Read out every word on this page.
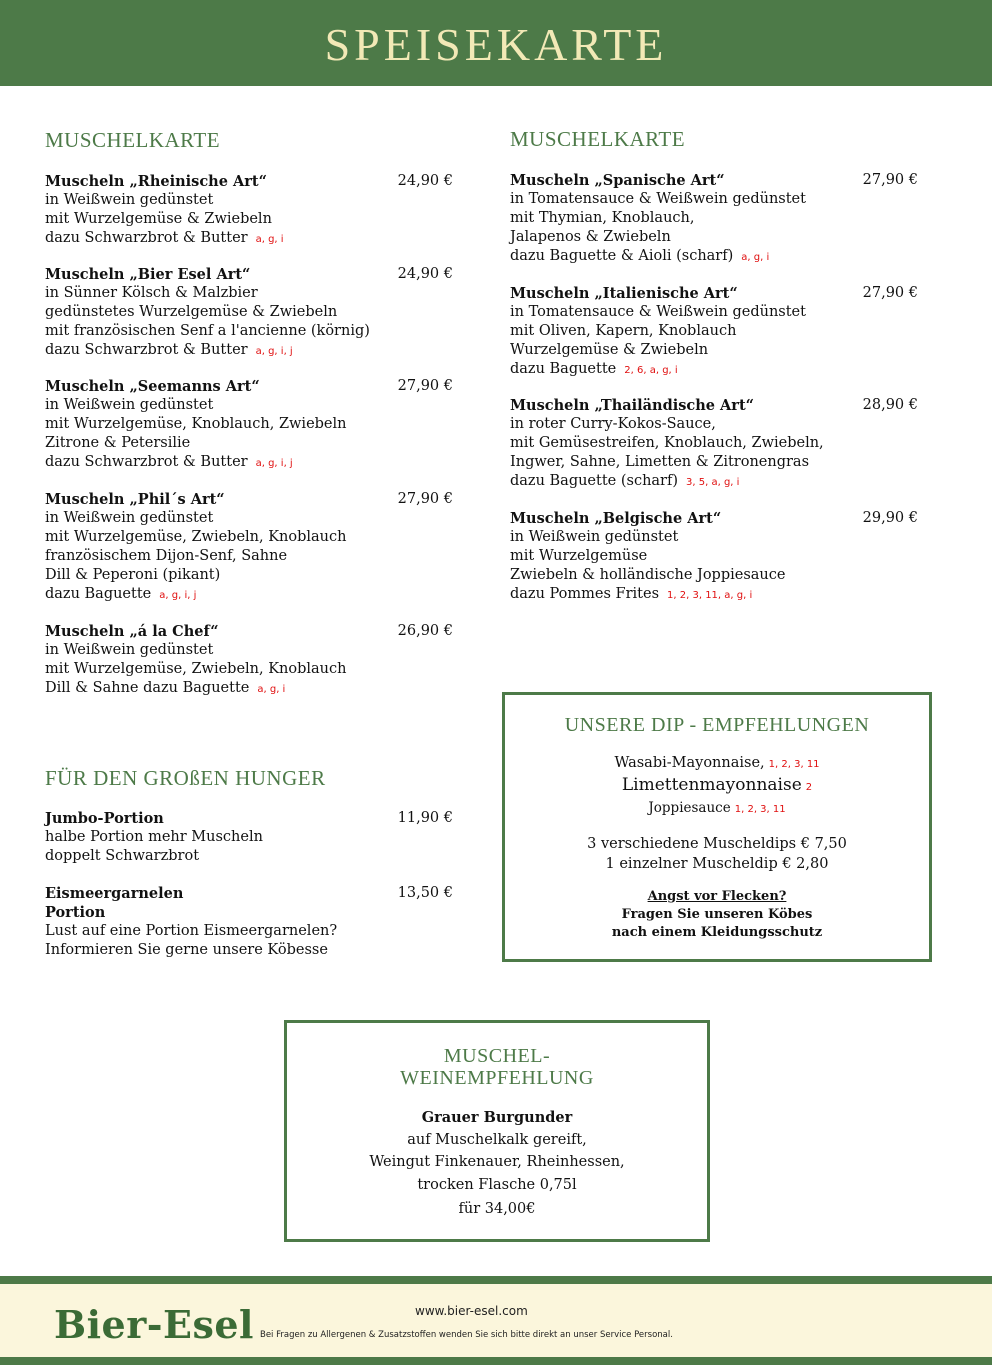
SPEISEKARTE
MUSCHELKARTE
Muscheln „Rheinische Art“	24,90 €
in Weißwein gedünstet
mit Wurzelgemüse & Zwiebeln
dazu Schwarzbrot & Butter a, g, i
Muscheln „Bier Esel Art“	24,90 €
in Sünner Kölsch & Malzbier
gedünstetes Wurzelgemüse & Zwiebeln
mit französischen Senf a l'ancienne (körnig)
dazu Schwarzbrot & Butter a, g, i, j
Muscheln „Seemanns Art“	27,90 €
in Weißwein gedünstet
mit Wurzelgemüse, Knoblauch, Zwiebeln
Zitrone & Petersilie
dazu Schwarzbrot & Butter a, g, i, j
Muscheln „Phil´s Art“	27,90 €
in Weißwein gedünstet
mit Wurzelgemüse, Zwiebeln, Knoblauch
französischem Dijon-Senf, Sahne
Dill & Peperoni (pikant)
dazu Baguette a, g, i, j
Muscheln „á la Chef“	26,90 €
in Weißwein gedünstet
mit Wurzelgemüse, Zwiebeln, Knoblauch
Dill & Sahne dazu Baguette a, g, i
MUSCHELKARTE
Muscheln „Spanische Art“	27,90 €
in Tomatensauce & Weißwein gedünstet
mit Thymian, Knoblauch,
Jalapenos & Zwiebeln
dazu Baguette & Aioli (scharf) a, g, i
Muscheln „Italienische Art“	27,90 €
in Tomatensauce & Weißwein gedünstet
mit Oliven, Kapern, Knoblauch
Wurzelgemüse & Zwiebeln
dazu Baguette 2, 6, a, g, i
Muscheln „Thailändische Art“	28,90 €
in roter Curry-Kokos-Sauce,
mit Gemüsestreifen, Knoblauch, Zwiebeln,
Ingwer, Sahne, Limetten & Zitronengras
dazu Baguette (scharf) 3, 5, a, g, i
Muscheln „Belgische Art“	29,90 €
in Weißwein gedünstet
mit Wurzelgemüse
Zwiebeln & holländische Joppiesauce
dazu Pommes Frites 1, 2, 3, 11, a, g, i
FÜR DEN GROßEN HUNGER
Jumbo-Portion	11,90 €
halbe Portion mehr Muscheln
doppelt Schwarzbrot
Eismeergarnelen	13,50 €
Portion
Lust auf eine Portion Eismeergarnelen?
Informieren Sie gerne unsere Köbesse
UNSERE DIP - EMPFEHLUNGEN

Wasabi-Mayonnaise, 1, 2, 3, 11

Limettenmayonnaise 2

Joppiesauce 1, 2, 3, 11

3 verschiedene Muscheldips € 7,50

1 einzelner Muscheldip € 2,80

Angst vor Flecken?

Fragen Sie unseren Köbes

nach einem Kleidungsschutz

MUSCHEL-
WEINEMPFEHLUNG

Grauer Burgunder

auf Muschelkalk gereift,

Weingut Finkenauer, Rheinhessen,

trocken Flasche 0,75l

für 34,00€

Bier-Esel	www.bier-esel.com
Bei Fragen zu Allergenen & Zusatzstoffen wenden Sie sich bitte direkt an unser Service Personal.
